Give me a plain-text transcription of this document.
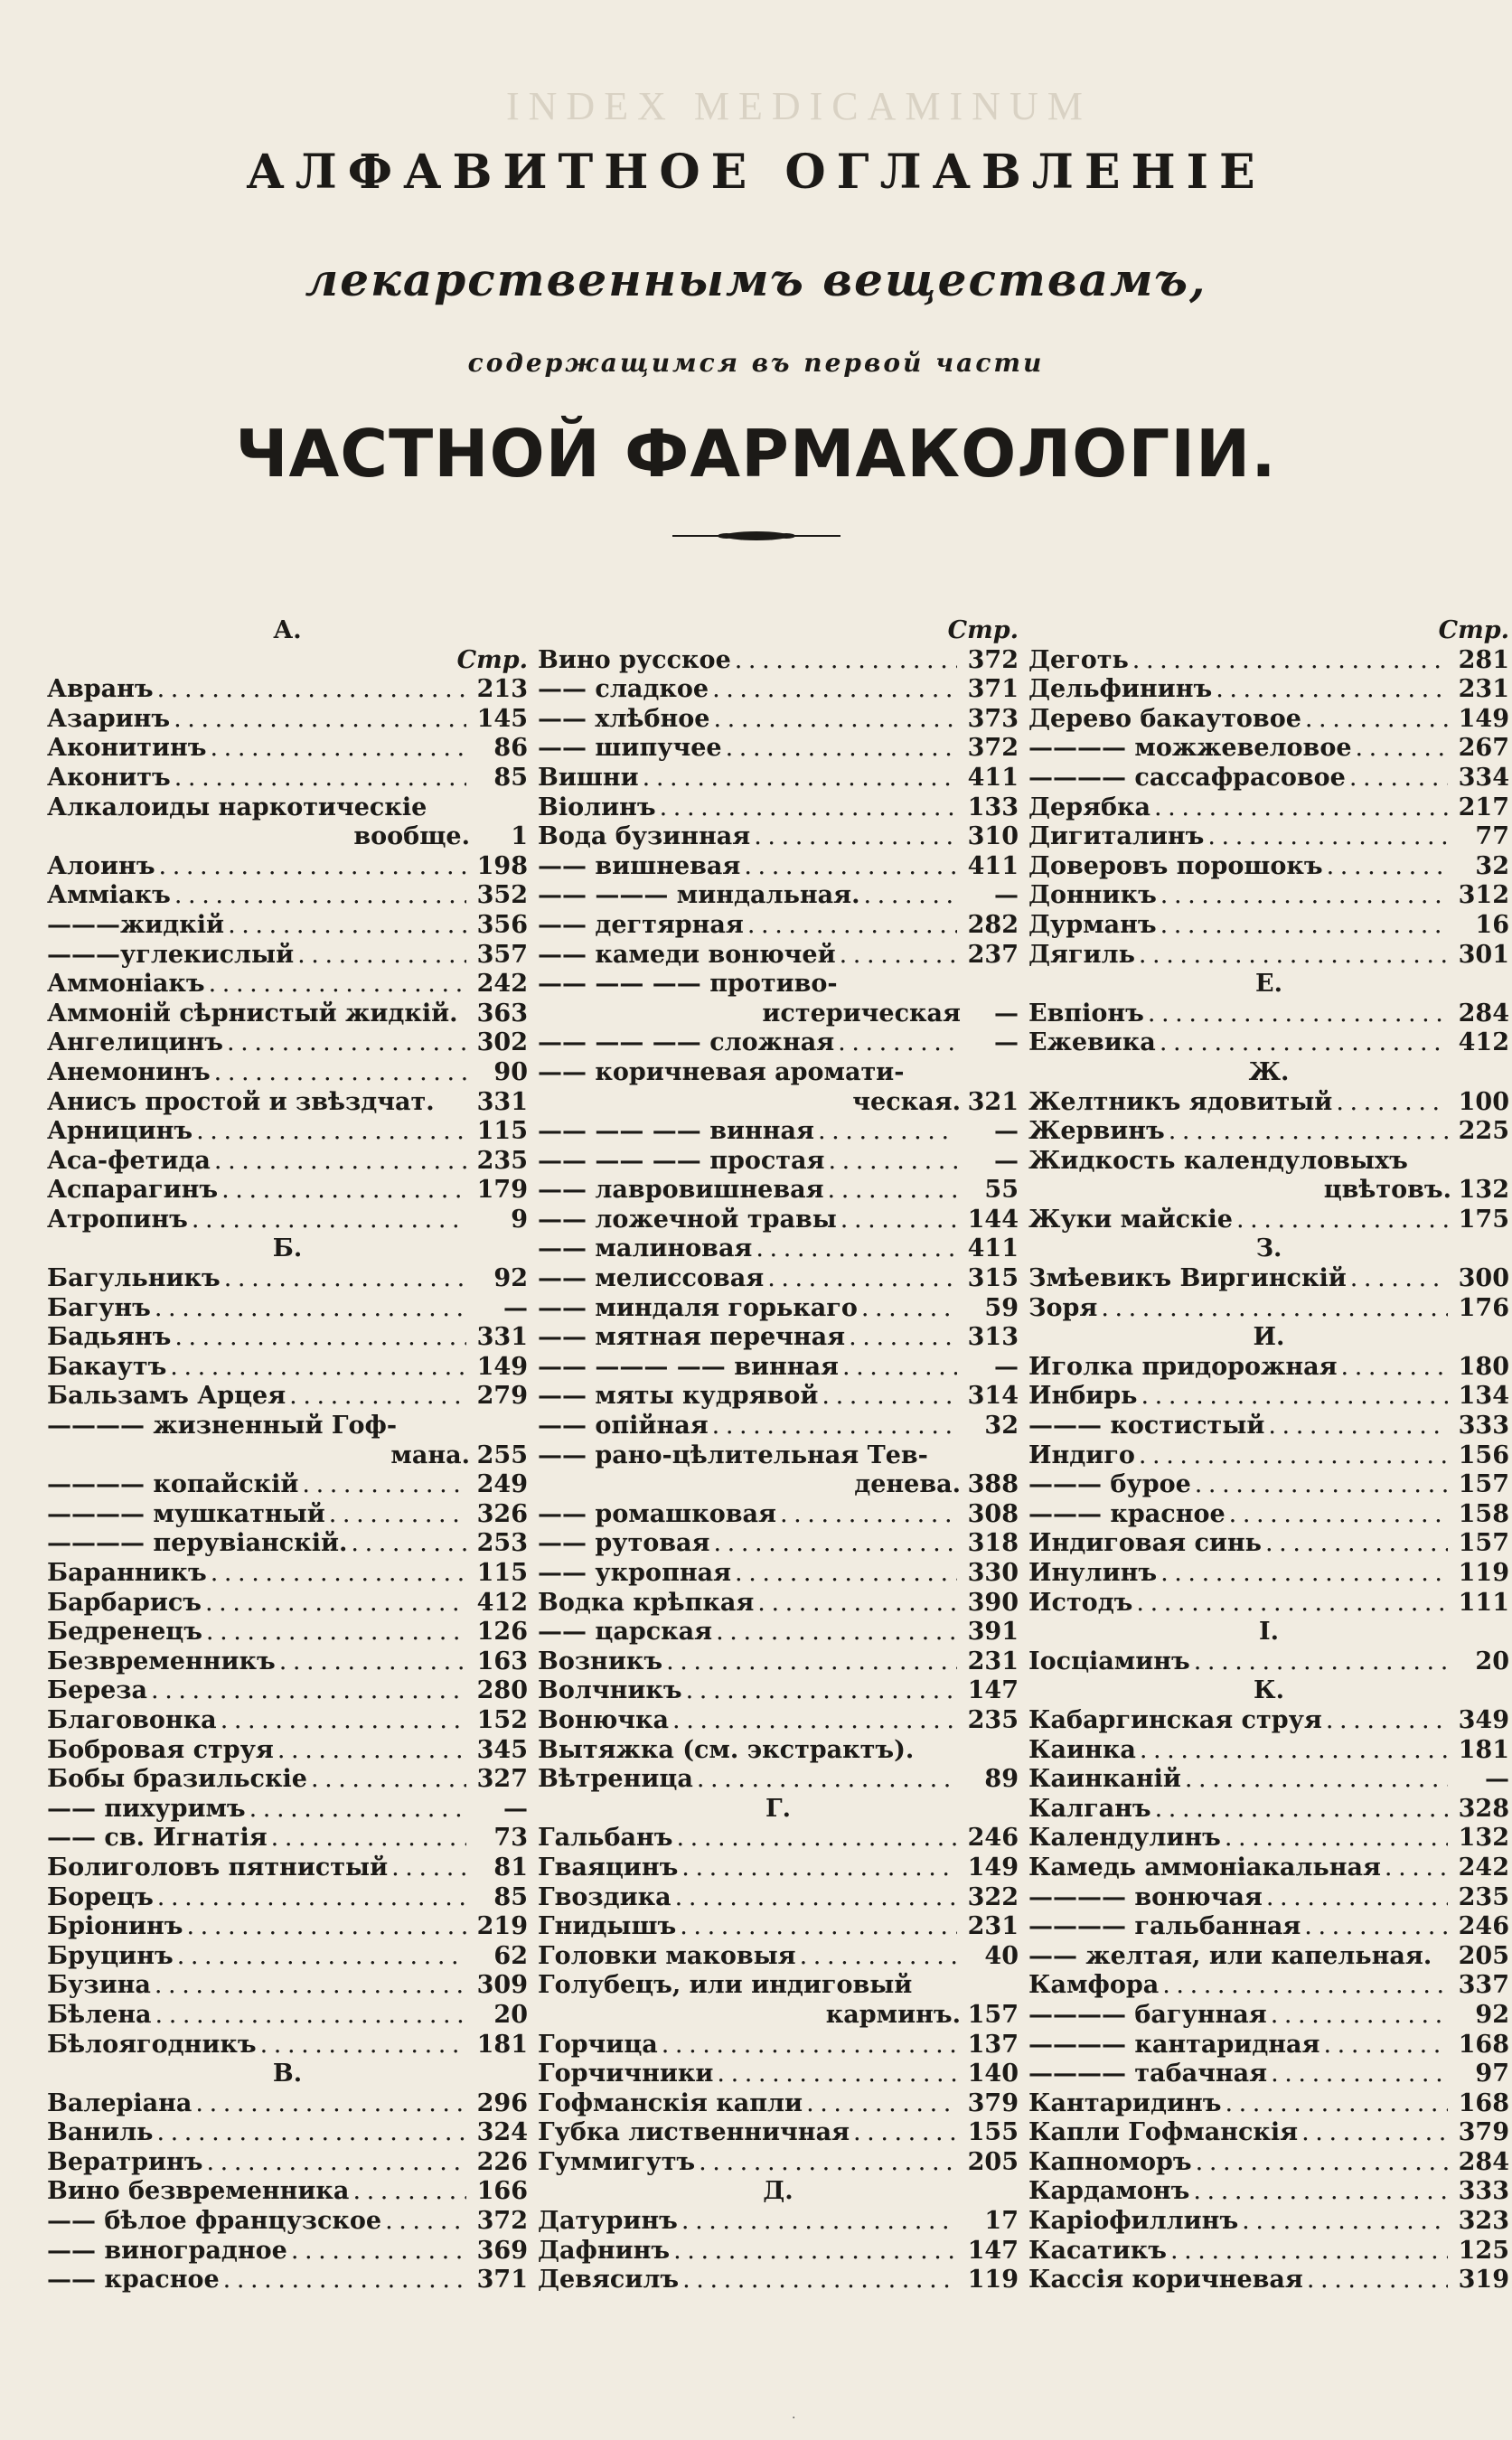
INDEX MEDICAMINUM
АЛФАВИТНОЕ ОГЛАВЛЕНІЕ
лекарственнымъ веществамъ,
содержащимся въ первой части
ЧАСТНОЙ ФАРМАКОЛОГІИ.
А.
Стр.
Авранъ . . .	213
Азаринъ . . .	145
Аконитинъ . . .	86
Аконитъ . . .	85
Алкалоиды наркотическіе
вообще.	1
Алоинъ . . .	198
Амміакъ . . .	352
———жидкій . . .	356
———углекислый . . .	357
Аммоніакъ . . .	242
Аммоній сѣрнистый жидкій. 363
Ангелицинъ . . .	302
Анемонинъ . . .	90
Анисъ простой и звѣздчат. 331
Арницинъ . . .	115
Аса-фетида . . .	235
Аспарагинъ . . .	179
Атропинъ . . .	9
Б.
Багульникъ . . .	92
Багунъ . . .	—
Бадьянъ . . .	331
Бакаутъ . . .	149
Бальзамъ Арцея . . .	279
———— жизненный Гоф-
мана. 255
———— копайскій . . .	249
———— мушкатный . . .	326
———— перувіанскій. . . .	253
Баранникъ . . .	115
Барбарисъ . . .	412
Бедренецъ . . .	126
Безвременникъ . . .	163
Береза . . .	280
Благовонка . . .	152
Бобровая струя . . .	345
Бобы бразильскіе . . .	327
—— пихуримъ . . .	—
—— св. Игнатія . . .	73
Болиголовъ пятнистый . . .	81
Борецъ . . .	85
Бріонинъ . . .	219
Бруцинъ . . .	62
Бузина . . .	309
Бѣлена . . .	20
Бѣлоягодникъ . . .	181
В.
Валеріана . . .	296
Ваниль . . .	324
Вератринъ . . .	226
Вино безвременника . . .	166
—— бѣлое французское . . .	372
—— виноградное . . .	369
—— красное . . .	371
Стр.
Вино русское . . .	372
—— сладкое . . .	371
—— хлѣбное . . .	373
—— шипучее . . .	372
Вишни . . .	411
Віолинъ . . .	133
Вода бузинная . . .	310
—— вишневая . . .	411
—— ——— миндальная. . . .	—
—— дегтярная . . .	282
—— камеди вонючей . . .	237
—— —— —— противо-
истерическая	—
—— —— —— сложная . . .	—
—— коричневая аромати-
ческая. 321
—— —— —— винная . . .	—
—— —— —— простая . . .	—
—— лавровишневая . . .	55
—— ложечной травы . . .	144
—— малиновая . . .	411
—— мелиссовая . . .	315
—— миндаля горькаго . . .	59
—— мятная перечная . . .	313
—— ——— —— винная . . .	—
—— мяты кудрявой . . .	314
—— опійная . . .	32
—— рано-цѣлительная Тев-
денева. 388
—— ромашковая . . .	308
—— рутовая . . .	318
—— укропная . . .	330
Водка крѣпкая . . .	390
—— царская . . .	391
Возникъ . . .	231
Волчникъ . . .	147
Вонючка . . .	235
Вытяжка (см. экстрактъ).
Вѣтреница . . .	89
Г.
Гальбанъ . . .	246
Гваяцинъ . . .	149
Гвоздика . . .	322
Гнидышъ . . .	231
Головки маковыя . . .	40
Голубецъ, или индиговый
карминъ. 157
Горчица . . .	137
Горчичники . . .	140
Гофманскія капли . . .	379
Губка лиственничная . . .	155
Гуммигутъ . . .	205
Д.
Датуринъ . . .	17
Дафнинъ . . .	147
Девясилъ . . .	119
Стр.
Деготь . . .	281
Дельфининъ . . .	231
Дерево бакаутовое . . .	149
———— можжевеловое . . .	267
———— сассафрасовое . . .	334
Дерябка . . .	217
Дигиталинъ . . .	77
Доверовъ порошокъ . . .	32
Донникъ . . .	312
Дурманъ . . .	16
Дягиль . . .	301
Е.
Евпіонъ . . .	284
Ежевика . . .	412
Ж.
Желтникъ ядовитый . . .	100
Жервинъ . . .	225
Жидкость календуловыхъ
цвѣтовъ. 132
Жуки майскіе . . .	175
З.
Змѣевикъ Виргинскій . . .	300
Зоря . . .	176
И.
Иголка придорожная . . .	180
Инбирь . . .	134
——— костистый . . .	333
Индиго . . .	156
——— бурое . . .	157
——— красное . . .	158
Индиговая синь . . .	157
Инулинъ . . .	119
Истодъ . . .	111
І.
Іосціаминъ . . .	20
К.
Кабаргинская струя . . .	349
Каинка . . .	181
Каинканій . . .	—
Калганъ . . .	328
Календулинъ . . .	132
Камедь аммоніакальная . . .	242
———— вонючая . . .	235
———— гальбанная . . .	246
—— желтая, или капельная. 205
Камфора . . .	337
———— багунная . . .	92
———— кантаридная . . .	168
———— табачная . . .	97
Кантаридинъ . . .	168
Капли Гофманскія . . .	379
Капноморъ . . .	284
Кардамонъ . . .	333
Каріофиллинъ . . .	323
Касатикъ . . .	125
Кассія коричневая . . .	319
·
